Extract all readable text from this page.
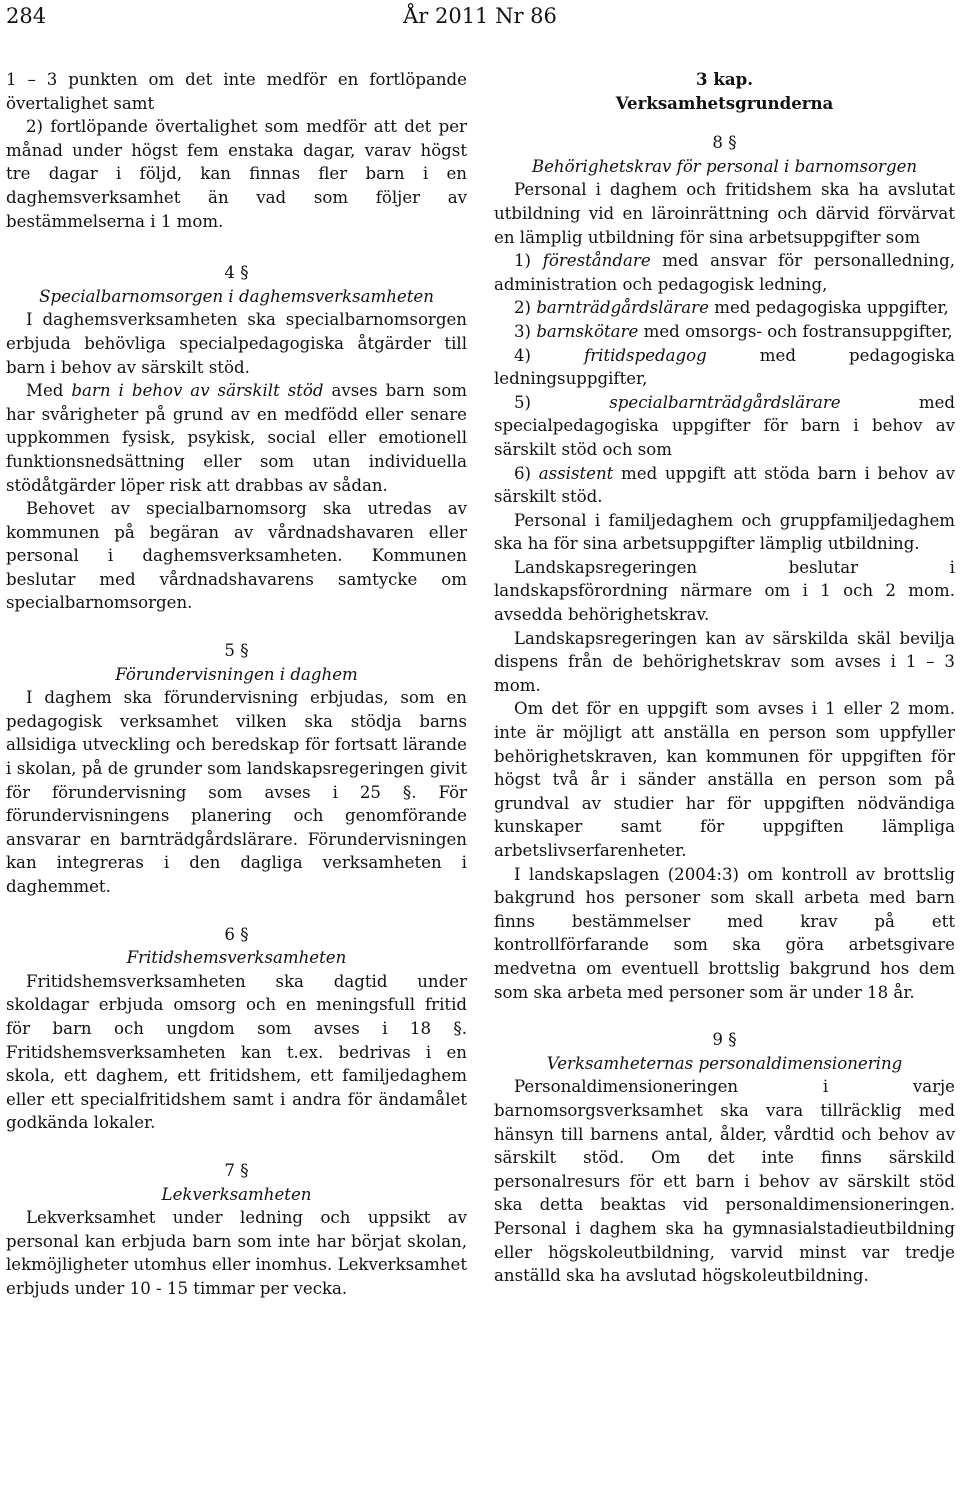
284	År 2011 Nr 86

1 – 3 punkten om det inte medför en fortlöpande övertalighet samt

2) fortlöpande övertalighet som medför att det per månad under högst fem enstaka dagar, varav högst tre dagar i följd, kan finnas fler barn i en daghemsverksamhet än vad som följer av bestämmelserna i 1 mom.

4 §
Specialbarnomsorgen i daghemsverksamheten

I daghemsverksamheten ska specialbarnomsorgen erbjuda behövliga specialpedagogiska åtgärder till barn i behov av särskilt stöd.

Med barn i behov av särskilt stöd avses barn som har svårigheter på grund av en medfödd eller senare uppkommen fysisk, psykisk, social eller emotionell funktionsnedsättning eller som utan individuella stödåtgärder löper risk att drabbas av sådan.

Behovet av specialbarnomsorg ska utredas av kommunen på begäran av vårdnadshavaren eller personal i daghemsverksamheten. Kommunen beslutar med vårdnadshavarens samtycke om specialbarnomsorgen.

5 §
Förundervisningen i daghem

I daghem ska förundervisning erbjudas, som en pedagogisk verksamhet vilken ska stödja barns allsidiga utveckling och beredskap för fortsatt lärande i skolan, på de grunder som landskapsregeringen givit för förundervisning som avses i 25 §. För förundervisningens planering och genomförande ansvarar en barnträdgårdslärare. Förundervisningen kan integreras i den dagliga verksamheten i daghemmet.

6 §
Fritidshemsverksamheten

Fritidshemsverksamheten ska dagtid under skoldagar erbjuda omsorg och en meningsfull fritid för barn och ungdom som avses i 18 §. Fritidshemsverksamheten kan t.ex. bedrivas i en skola, ett daghem, ett fritidshem, ett familjedaghem eller ett specialfritidshem samt i andra för ändamålet godkända lokaler.

7 §
Lekverksamheten

Lekverksamhet under ledning och uppsikt av personal kan erbjuda barn som inte har börjat skolan, lekmöjligheter utomhus eller inomhus. Lekverksamhet erbjuds under 10 - 15 timmar per vecka.

3 kap.
Verksamhetsgrunderna
8 §
Behörighetskrav för personal i barnomsorgen

Personal i daghem och fritidshem ska ha avslutat utbildning vid en läroinrättning och därvid förvärvat en lämplig utbildning för sina arbetsuppgifter som

1) föreståndare med ansvar för personalledning, administration och pedagogisk ledning,

2) barnträdgårdslärare med pedagogiska uppgifter,

3) barnskötare med omsorgs- och fostransuppgifter,

4) fritidspedagog med pedagogiska ledningsuppgifter,

5) specialbarnträdgårdslärare med specialpedagogiska uppgifter för barn i behov av särskilt stöd och som

6) assistent med uppgift att stöda barn i behov av särskilt stöd.

Personal i familjedaghem och gruppfamiljedaghem ska ha för sina arbetsuppgifter lämplig utbildning.

Landskapsregeringen beslutar i landskapsförordning närmare om i 1 och 2 mom. avsedda behörighetskrav.

Landskapsregeringen kan av särskilda skäl bevilja dispens från de behörighetskrav som avses i 1 – 3 mom.

Om det för en uppgift som avses i 1 eller 2 mom. inte är möjligt att anställa en person som uppfyller behörighetskraven, kan kommunen för uppgiften för högst två år i sänder anställa en person som på grundval av studier har för uppgiften nödvändiga kunskaper samt för uppgiften lämpliga arbetslivserfarenheter.

I landskapslagen (2004:3) om kontroll av brottslig bakgrund hos personer som skall arbeta med barn finns bestämmelser med krav på ett kontrollförfarande som ska göra arbetsgivare medvetna om eventuell brottslig bakgrund hos dem som ska arbeta med personer som är under 18 år.

9 §
Verksamheternas personaldimensionering

Personaldimensioneringen i varje barnomsorgsverksamhet ska vara tillräcklig med hänsyn till barnens antal, ålder, vårdtid och behov av särskilt stöd. Om det inte finns särskild personalresurs för ett barn i behov av särskilt stöd ska detta beaktas vid personaldimensioneringen. Personal i daghem ska ha gymnasialstadieutbildning eller högskoleutbildning, varvid minst var tredje anställd ska ha avslutad högskoleutbildning.
